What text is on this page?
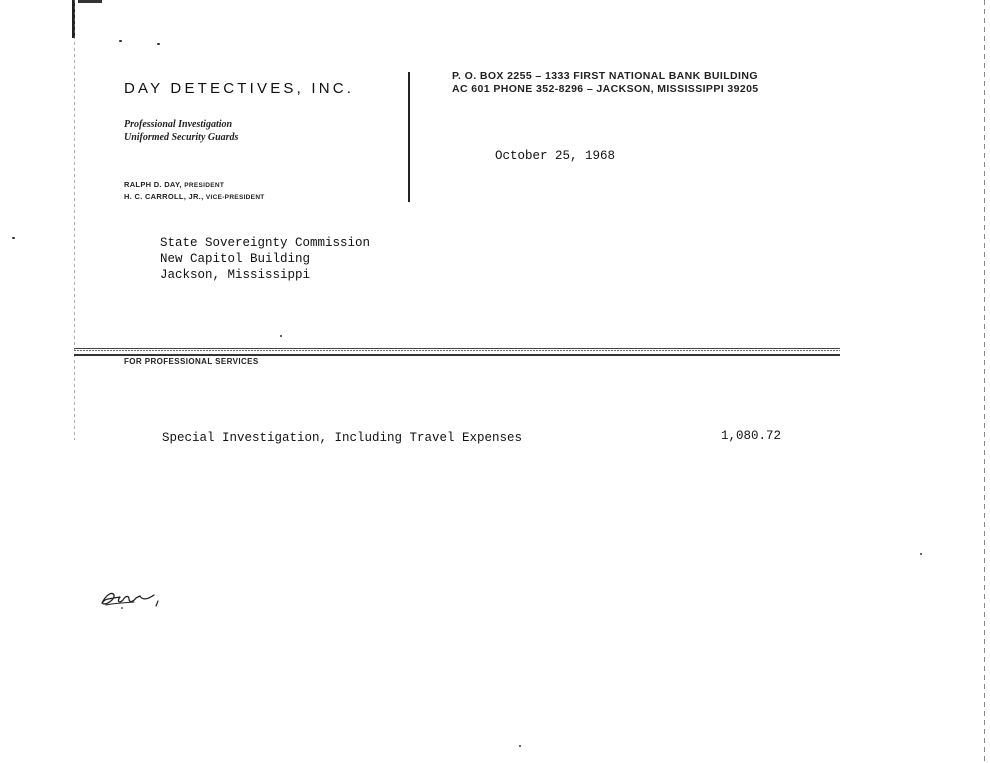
DAY DETECTIVES, INC.
Professional Investigation
Uniformed Security Guards
RALPH D. DAY, PRESIDENT
H. C. CARROLL, JR., VICE-PRESIDENT
P. O. BOX 2255 – 1333 FIRST NATIONAL BANK BUILDING
AC 601 PHONE 352-8296 – JACKSON, MISSISSIPPI 39205
October 25, 1968
State Sovereignty Commission
New Capitol Building
Jackson, Mississippi
FOR PROFESSIONAL SERVICES
Special Investigation, Including Travel Expenses	1,080.72
